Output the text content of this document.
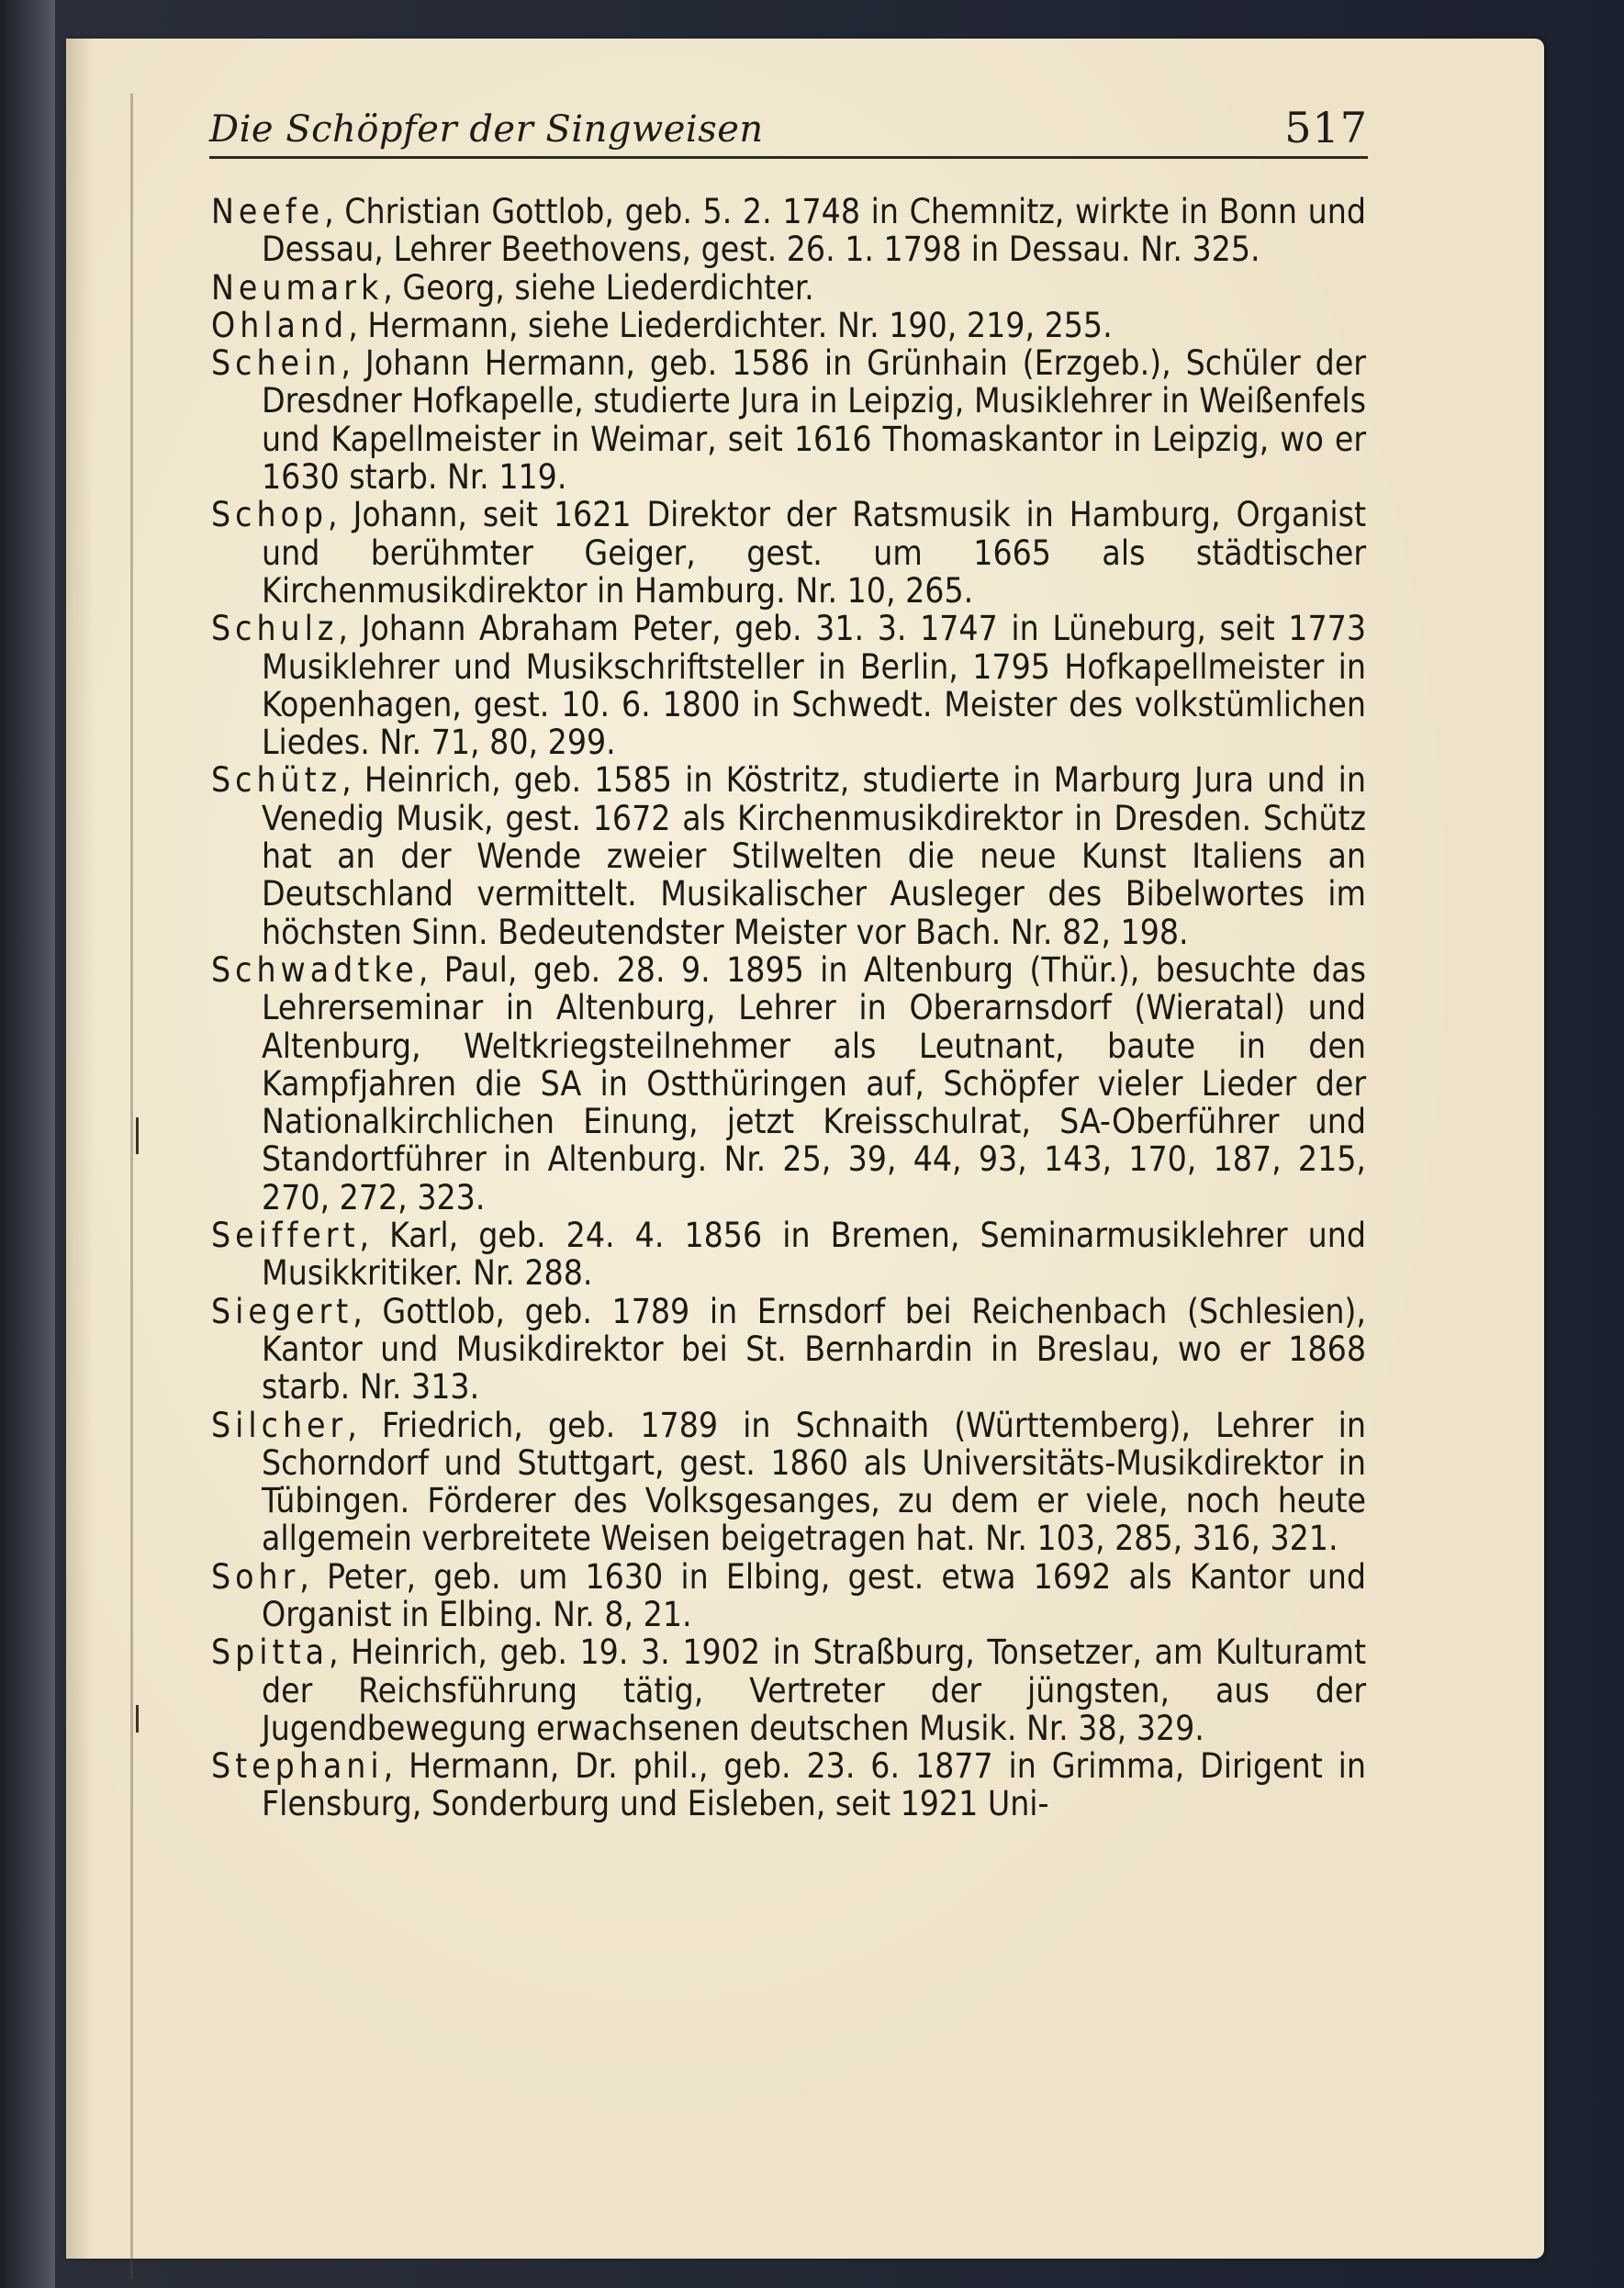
Die Schöpfer der Singweisen	517

Neefe, Christian Gottlob, geb. 5. 2. 1748 in Chemnitz, wirkte in Bonn und Dessau, Lehrer Beethovens, gest. 26. 1. 1798 in Dessau. Nr. 325.

Neumark, Georg, siehe Liederdichter.

Ohland, Hermann, siehe Liederdichter. Nr. 190, 219, 255.

Schein, Johann Hermann, geb. 1586 in Grünhain (Erzgeb.), Schüler der Dresdner Hofkapelle, studierte Jura in Leipzig, Musiklehrer in Weißenfels und Kapellmeister in Weimar, seit 1616 Thomaskantor in Leipzig, wo er 1630 starb. Nr. 119.

Schop, Johann, seit 1621 Direktor der Ratsmusik in Hamburg, Organist und berühmter Geiger, gest. um 1665 als städtischer Kirchenmusikdirektor in Hamburg. Nr. 10, 265.

Schulz, Johann Abraham Peter, geb. 31. 3. 1747 in Lüneburg, seit 1773 Musiklehrer und Musikschriftsteller in Berlin, 1795 Hofkapellmeister in Kopenhagen, gest. 10. 6. 1800 in Schwedt. Meister des volkstümlichen Liedes. Nr. 71, 80, 299.

Schütz, Heinrich, geb. 1585 in Köstritz, studierte in Marburg Jura und in Venedig Musik, gest. 1672 als Kirchenmusikdirektor in Dresden. Schütz hat an der Wende zweier Stilwelten die neue Kunst Italiens an Deutschland vermittelt. Musikalischer Ausleger des Bibelwortes im höchsten Sinn. Bedeutendster Meister vor Bach. Nr. 82, 198.

Schwadtke, Paul, geb. 28. 9. 1895 in Altenburg (Thür.), besuchte das Lehrerseminar in Altenburg, Lehrer in Oberarnsdorf (Wieratal) und Altenburg, Weltkriegsteilnehmer als Leutnant, baute in den Kampfjahren die SA in Ostthüringen auf, Schöpfer vieler Lieder der Nationalkirchlichen Einung, jetzt Kreisschulrat, SA-Oberführer und Standortführer in Altenburg. Nr. 25, 39, 44, 93, 143, 170, 187, 215, 270, 272, 323.

Seiffert, Karl, geb. 24. 4. 1856 in Bremen, Seminarmusiklehrer und Musikkritiker. Nr. 288.

Siegert, Gottlob, geb. 1789 in Ernsdorf bei Reichenbach (Schlesien), Kantor und Musikdirektor bei St. Bernhardin in Breslau, wo er 1868 starb. Nr. 313.

Silcher, Friedrich, geb. 1789 in Schnaith (Württemberg), Lehrer in Schorndorf und Stuttgart, gest. 1860 als Universitäts-Musikdirektor in Tübingen. Förderer des Volksgesanges, zu dem er viele, noch heute allgemein verbreitete Weisen beigetragen hat. Nr. 103, 285, 316, 321.

Sohr, Peter, geb. um 1630 in Elbing, gest. etwa 1692 als Kantor und Organist in Elbing. Nr. 8, 21.

Spitta, Heinrich, geb. 19. 3. 1902 in Straßburg, Tonsetzer, am Kulturamt der Reichsführung tätig, Vertreter der jüngsten, aus der Jugendbewegung erwachsenen deutschen Musik. Nr. 38, 329.

Stephani, Hermann, Dr. phil., geb. 23. 6. 1877 in Grimma, Dirigent in Flensburg, Sonderburg und Eisleben, seit 1921 Uni-
